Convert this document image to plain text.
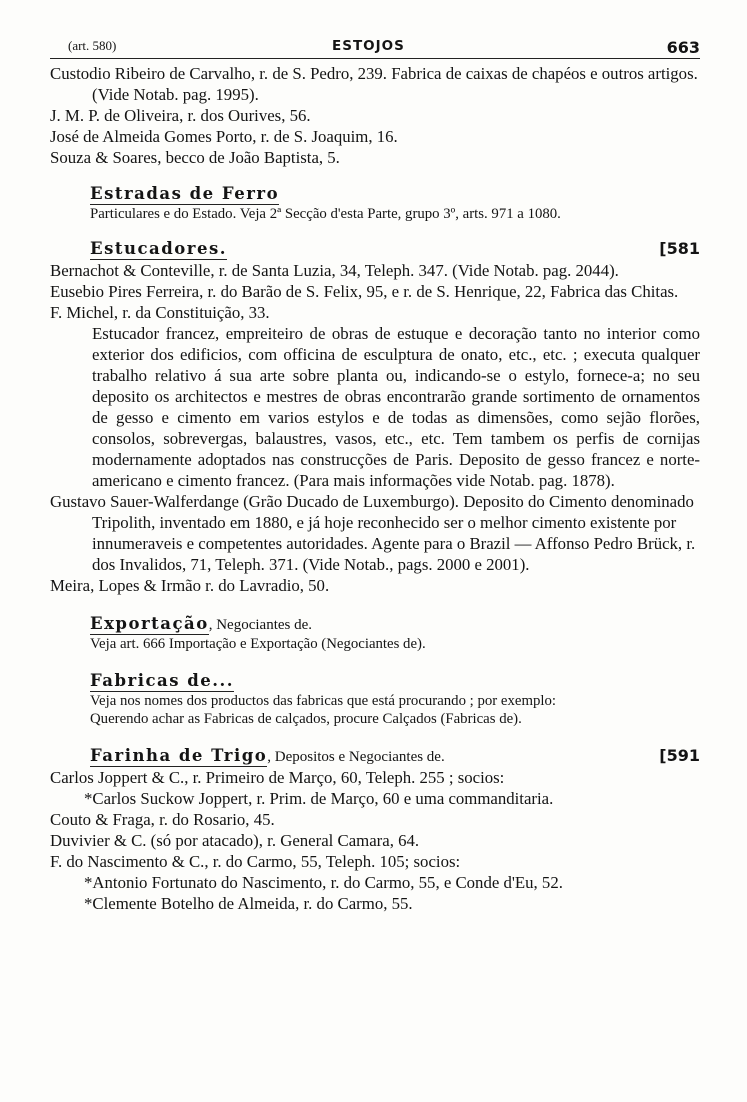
(art. 580)	ESTOJOS	663

Custodio Ribeiro de Carvalho, r. de S. Pedro, 239. Fabrica de caixas de chapéos e outros artigos. (Vide Notab. pag. 1995).

J. M. P. de Oliveira, r. dos Ourives, 56.

José de Almeida Gomes Porto, r. de S. Joaquim, 16.

Souza & Soares, becco de João Baptista, 5.

Estradas de Ferro

Particulares e do Estado. Veja 2ª Secção d'esta Parte, grupo 3º, arts. 971 a 1080.

Estucadores.	[581

Bernachot & Conteville, r. de Santa Luzia, 34, Teleph. 347. (Vide Notab. pag. 2044).

Eusebio Pires Ferreira, r. do Barão de S. Felix, 95, e r. de S. Henrique, 22, Fabrica das Chitas.

F. Michel, r. da Constituição, 33.

Estucador francez, empreiteiro de obras de estuque e decoração tanto no interior como exterior dos edificios, com officina de esculptura de onato, etc., etc. ; executa qualquer trabalho relativo á sua arte sobre planta ou, indicando-se o estylo, fornece-a; no seu deposito os architectos e mestres de obras encontrarão grande sortimento de ornamentos de gesso e cimento em varios estylos e de todas as dimensões, como sejão florões, consolos, sobrevergas, balaustres, vasos, etc., etc. Tem tambem os perfis de cornijas modernamente adoptados nas construcções de Paris. Deposito de gesso francez e norte-americano e cimento francez. (Para mais informações vide Notab. pag. 1878).

Gustavo Sauer-Walferdange (Grão Ducado de Luxemburgo). Deposito do Cimento denominado Tripolith, inventado em 1880, e já hoje reconhecido ser o melhor cimento existente por innumeraveis e competentes autoridades. Agente para o Brazil — Affonso Pedro Brück, r. dos Invalidos, 71, Teleph. 371. (Vide Notab., pags. 2000 e 2001).

Meira, Lopes & Irmão r. do Lavradio, 50.

Exportação, Negociantes de.

Veja art. 666 Importação e Exportação (Negociantes de).

Fabricas de...

Veja nos nomes dos productos das fabricas que está procurando ; por exemplo:

Querendo achar as Fabricas de calçados, procure Calçados (Fabricas de).

Farinha de Trigo, Depositos e Negociantes de.	[591

Carlos Joppert & C., r. Primeiro de Março, 60, Teleph. 255 ; socios:

*Carlos Suckow Joppert, r. Prim. de Março, 60 e uma commanditaria.

Couto & Fraga, r. do Rosario, 45.

Duvivier & C. (só por atacado), r. General Camara, 64.

F. do Nascimento & C., r. do Carmo, 55, Teleph. 105; socios:

*Antonio Fortunato do Nascimento, r. do Carmo, 55, e Conde d'Eu, 52.

*Clemente Botelho de Almeida, r. do Carmo, 55.
